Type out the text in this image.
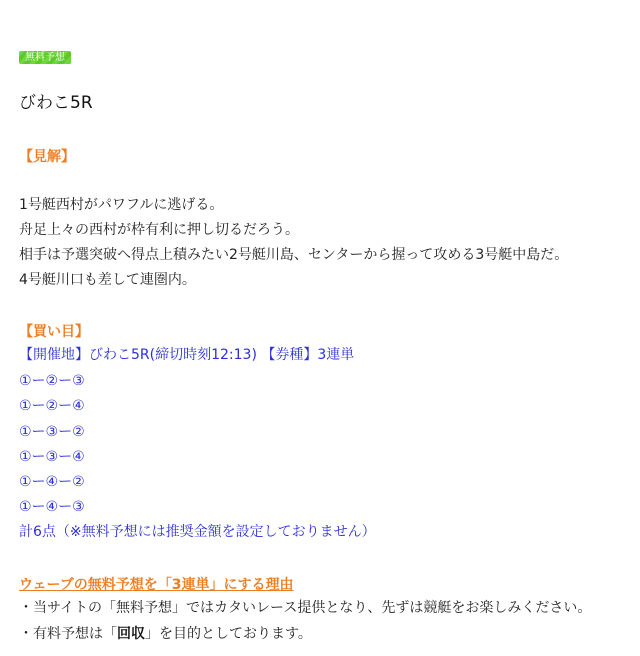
無料予想
びわこ5R
【見解】
1号艇西村がパワフルに逃げる。
舟足上々の西村が枠有利に押し切るだろう。
相手は予選突破へ得点上積みたい2号艇川島、センターから握って攻める3号艇中島だ。
4号艇川口も差して連圏内。
【買い目】
【開催地】びわこ5R(締切時刻12:13) 【券種】3連単
①ー②ー③
①ー②ー④
①ー③ー②
①ー③ー④
①ー④ー②
①ー④ー③
計6点（※無料予想には推奨金額を設定しておりません）
ウェーブの無料予想を「3連単」にする理由
・当サイトの「無料予想」ではカタいレース提供となり、先ずは競艇をお楽しみください。
・有料予想は「回収」を目的としております。
